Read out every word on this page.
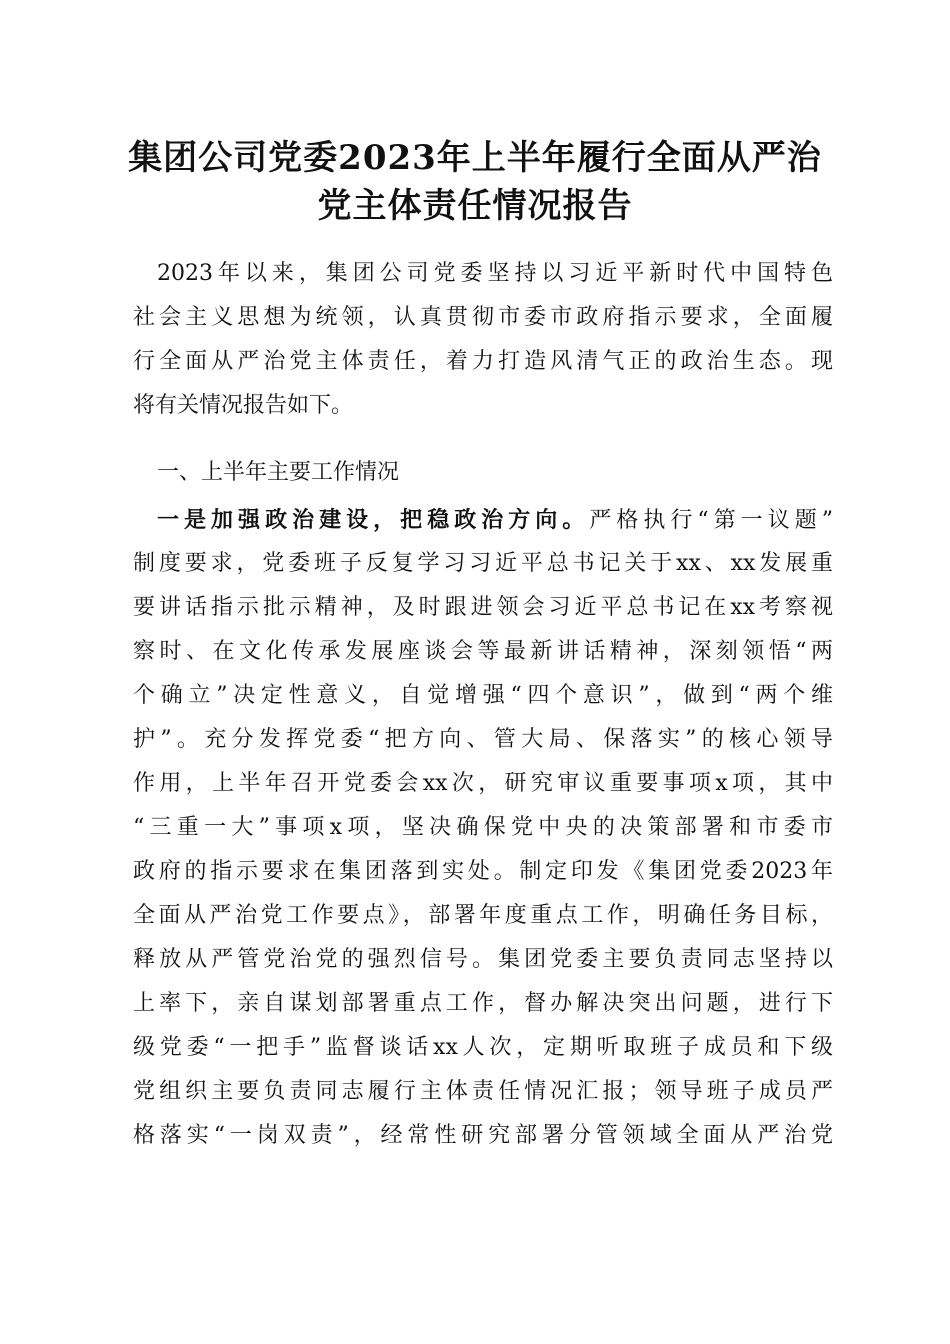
集团公司党委2023年上半年履行全面从严治
党主体责任情况报告
2023年以来，集团公司党委坚持以习近平新时代中国特色
社会主义思想为统领，认真贯彻市委市政府指示要求，全面履
行全面从严治党主体责任，着力打造风清气正的政治生态。现
将有关情况报告如下。
一、上半年主要工作情况
一是加强政治建设，把稳政治方向。严格执行“第一议题”
制度要求，党委班子反复学习习近平总书记关于xx、xx发展重
要讲话指示批示精神，及时跟进领会习近平总书记在xx考察视
察时、在文化传承发展座谈会等最新讲话精神，深刻领悟“两
个确立”决定性意义，自觉增强“四个意识”，做到“两个维
护”。充分发挥党委“把方向、管大局、保落实”的核心领导
作用，上半年召开党委会xx次，研究审议重要事项x项，其中
“三重一大”事项x项，坚决确保党中央的决策部署和市委市
政府的指示要求在集团落到实处。制定印发《集团党委2023年
全面从严治党工作要点》，部署年度重点工作，明确任务目标，
释放从严管党治党的强烈信号。集团党委主要负责同志坚持以
上率下，亲自谋划部署重点工作，督办解决突出问题，进行下
级党委“一把手”监督谈话xx人次，定期听取班子成员和下级
党组织主要负责同志履行主体责任情况汇报；领导班子成员严
格落实“一岗双责”，经常性研究部署分管领域全面从严治党
